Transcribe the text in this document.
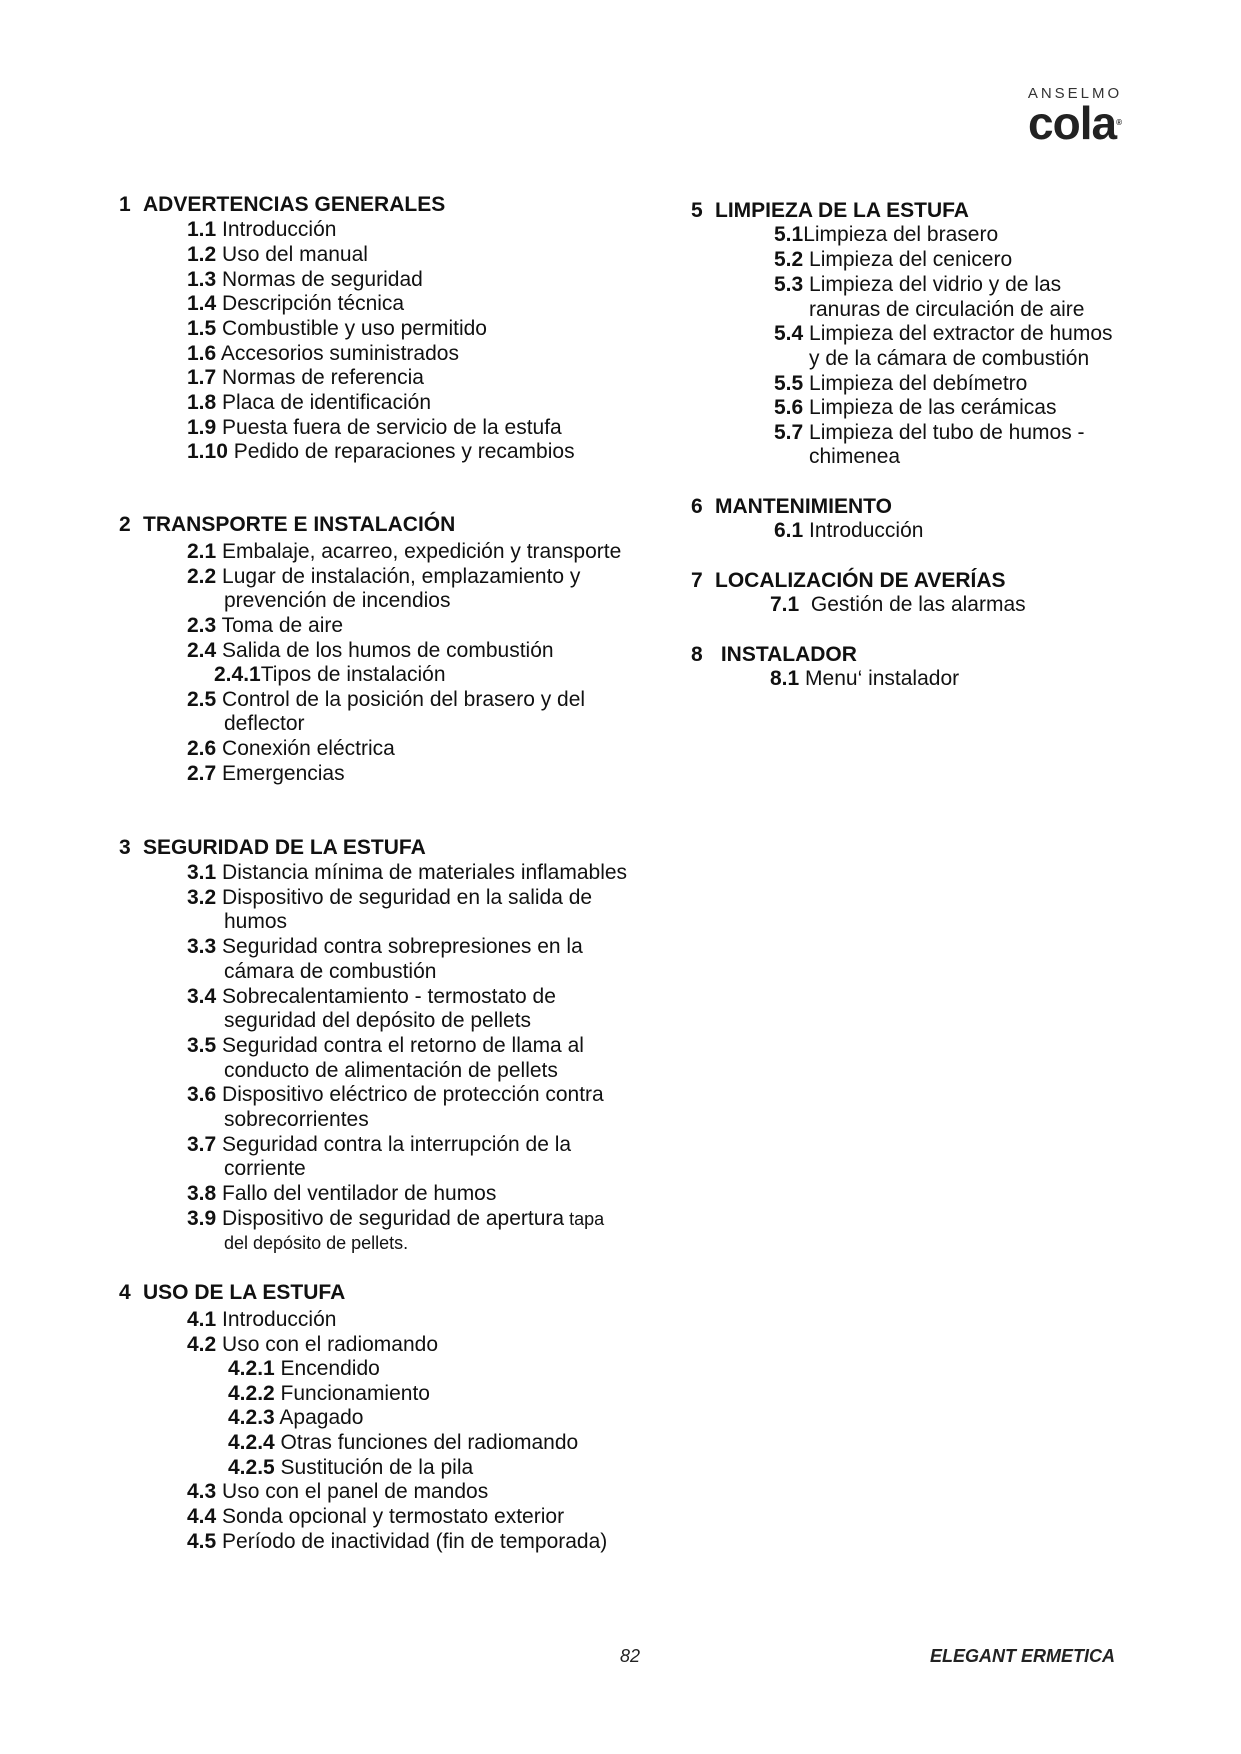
ANSELMO
cola®
1 ADVERTENCIAS GENERALES
1.1 Introducción
1.2 Uso del manual
1.3 Normas de seguridad
1.4 Descripción técnica
1.5 Combustible y uso permitido
1.6 Accesorios suministrados
1.7 Normas de referencia
1.8 Placa de identificación
1.9 Puesta fuera de servicio de la estufa
1.10 Pedido de reparaciones y recambios
2 TRANSPORTE E INSTALACIÓN
2.1 Embalaje, acarreo, expedición y transporte
2.2 Lugar de instalación, emplazamiento y
prevención de incendios
2.3 Toma de aire
2.4 Salida de los humos de combustión
2.4.1Tipos de instalación
2.5 Control de la posición del brasero y del
deflector
2.6 Conexión eléctrica
2.7 Emergencias
3 SEGURIDAD DE LA ESTUFA
3.1 Distancia mínima de materiales inflamables
3.2 Dispositivo de seguridad en la salida de
humos
3.3 Seguridad contra sobrepresiones en la
cámara de combustión
3.4 Sobrecalentamiento - termostato de
seguridad del depósito de pellets
3.5 Seguridad contra el retorno de llama al
conducto de alimentación de pellets
3.6 Dispositivo eléctrico de protección contra
sobrecorrientes
3.7 Seguridad contra la interrupción de la
corriente
3.8 Fallo del ventilador de humos
3.9 Dispositivo de seguridad de apertura tapa
del depósito de pellets.
4 USO DE LA ESTUFA
4.1 Introducción
4.2 Uso con el radiomando
4.2.1 Encendido
4.2.2 Funcionamiento
4.2.3 Apagado
4.2.4 Otras funciones del radiomando
4.2.5 Sustitución de la pila
4.3 Uso con el panel de mandos
4.4 Sonda opcional y termostato exterior
4.5 Período de inactividad (fin de temporada)
5 LIMPIEZA DE LA ESTUFA
5.1Limpieza del brasero
5.2 Limpieza del cenicero
5.3 Limpieza del vidrio y de las
ranuras de circulación de aire
5.4 Limpieza del extractor de humos
y de la cámara de combustión
5.5 Limpieza del debímetro
5.6 Limpieza de las cerámicas
5.7 Limpieza del tubo de humos -
chimenea
6 MANTENIMIENTO
6.1 Introducción
7 LOCALIZACIÓN DE AVERÍAS
7.1  Gestión de las alarmas
8 INSTALADOR
8.1 Menu‘ instalador
82	ELEGANT ERMETICA
